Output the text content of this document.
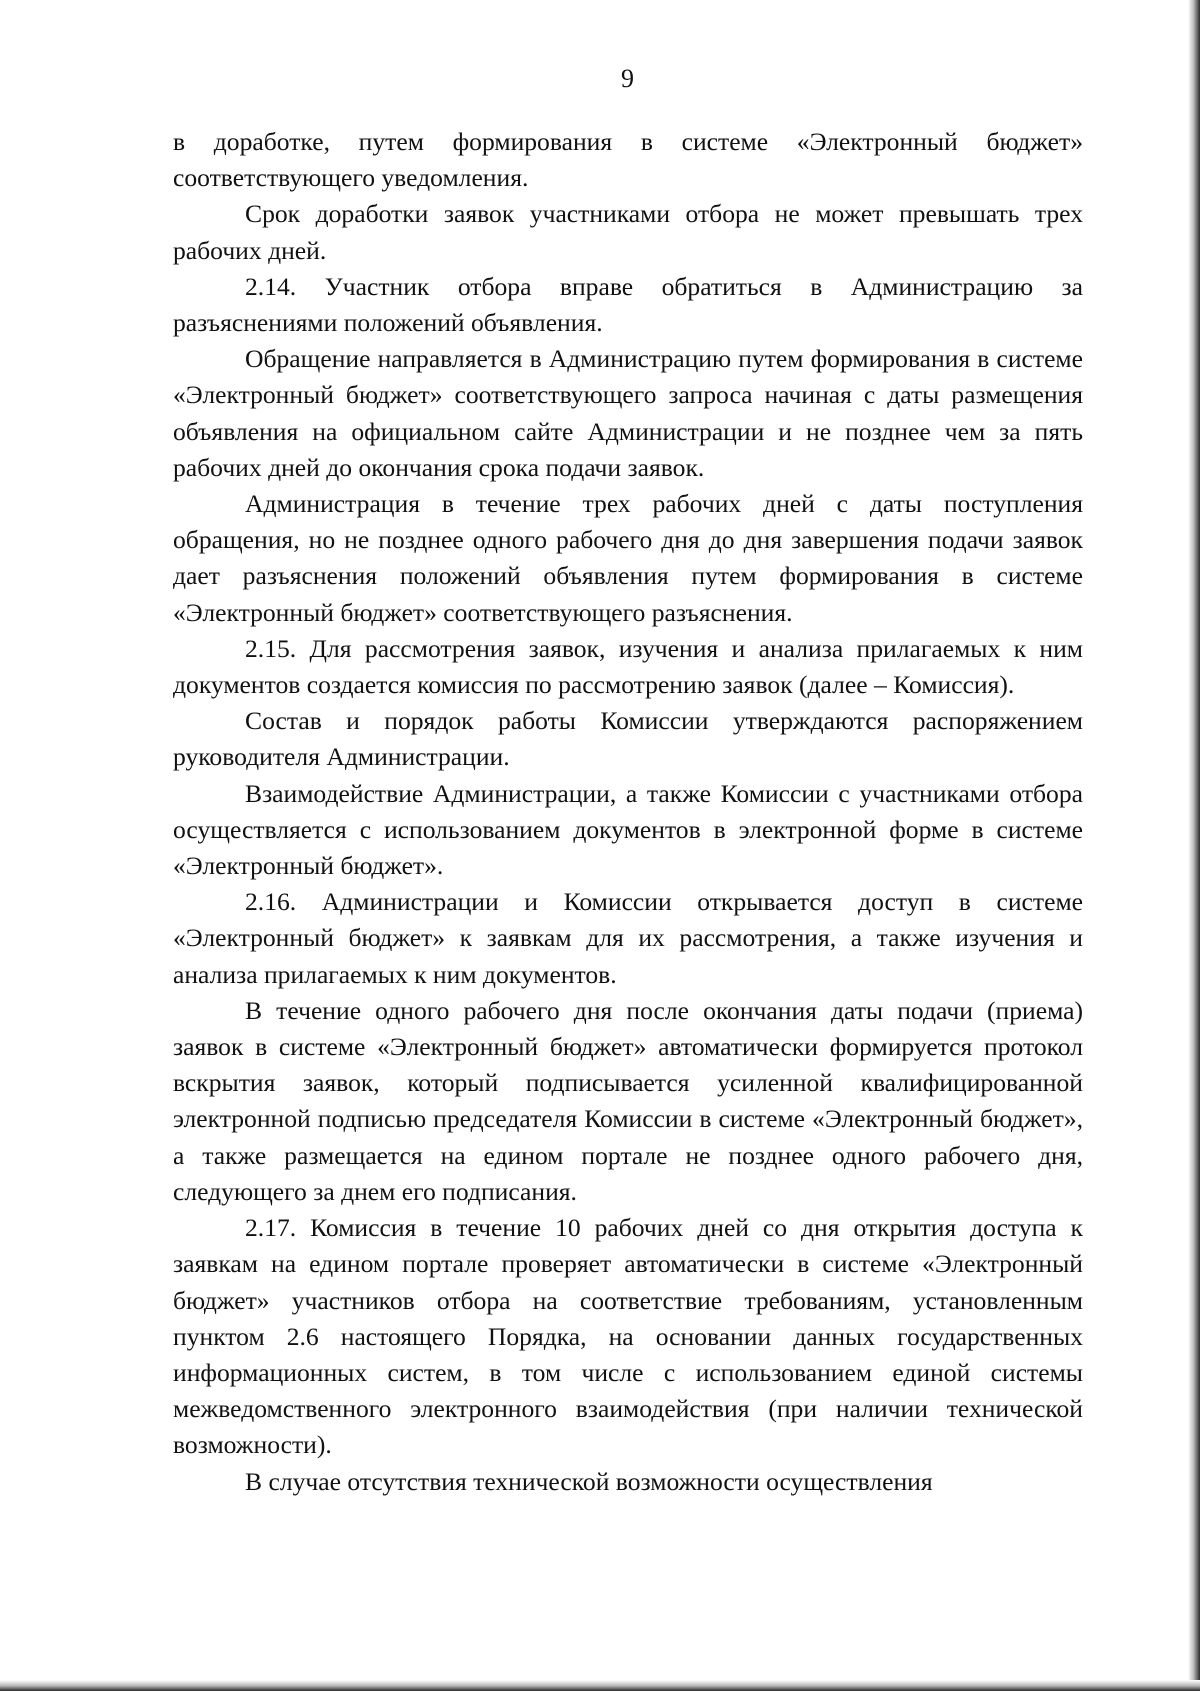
9

в доработке, путем формирования в системе «Электронный бюджет» соответствующего уведомления.

Срок доработки заявок участниками отбора не может превышать трех рабочих дней.

2.14. Участник отбора вправе обратиться в Администрацию за разъяснениями положений объявления.

Обращение направляется в Администрацию путем формирования в системе «Электронный бюджет» соответствующего запроса начиная с даты размещения объявления на официальном сайте Администрации и не позднее чем за пять рабочих дней до окончания срока подачи заявок.

Администрация в течение трех рабочих дней с даты поступления обращения, но не позднее одного рабочего дня до дня завершения подачи заявок дает разъяснения положений объявления путем формирования в системе «Электронный бюджет» соответствующего разъяснения.

2.15. Для рассмотрения заявок, изучения и анализа прилагаемых к ним документов создается комиссия по рассмотрению заявок (далее – Комиссия).

Состав и порядок работы Комиссии утверждаются распоряжением руководителя Администрации.

Взаимодействие Администрации, а также Комиссии с участниками отбора осуществляется с использованием документов в электронной форме в системе «Электронный бюджет».

2.16. Администрации и Комиссии открывается доступ в системе «Электронный бюджет» к заявкам для их рассмотрения, а также изучения и анализа прилагаемых к ним документов.

В течение одного рабочего дня после окончания даты подачи (приема) заявок в системе «Электронный бюджет» автоматически формируется протокол вскрытия заявок, который подписывается усиленной квалифицированной электронной подписью председателя Комиссии в системе «Электронный бюджет», а также размещается на едином портале не позднее одного рабочего дня, следующего за днем его подписания.

2.17. Комиссия в течение 10 рабочих дней со дня открытия доступа к заявкам на едином портале проверяет автоматически в системе «Электронный бюджет» участников отбора на соответствие требованиям, установленным пунктом 2.6 настоящего Порядка, на основании данных государственных информационных систем, в том числе с использованием единой системы межведомственного электронного взаимодействия (при наличии технической возможности).

В случае отсутствия технической возможности осуществления
